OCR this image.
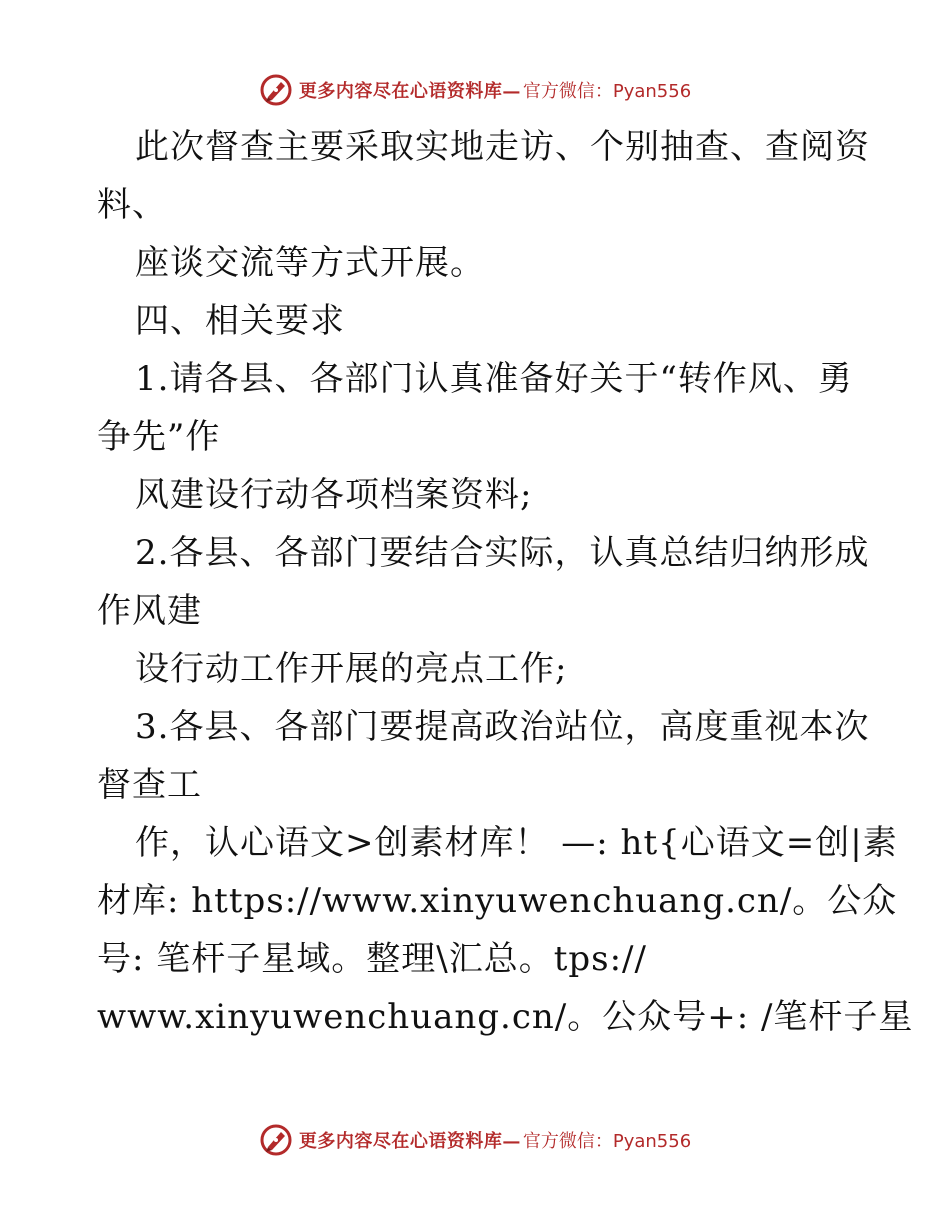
更多内容尽在心语资料库— 官方微信：Pyan556
此次督查主要采取实地走访、个别抽查、查阅资
料、
座谈交流等方式开展。
四、相关要求
1.请各县、各部门认真准备好关于“转作风、勇
争先”作
风建设行动各项档案资料;
2.各县、各部门要结合实际，认真总结归纳形成
作风建
设行动工作开展的亮点工作;
3.各县、各部门要提高政治站位，高度重视本次
督查工
作，认心语文>创素材库！ —: ht{心语文=创|素
材库: https://www.xinyuwenchuang.cn/。公众
号: 笔杆子星域。整理\汇总。tps://
www.xinyuwenchuang.cn/。公众号+: /笔杆子星
更多内容尽在心语资料库— 官方微信：Pyan556
